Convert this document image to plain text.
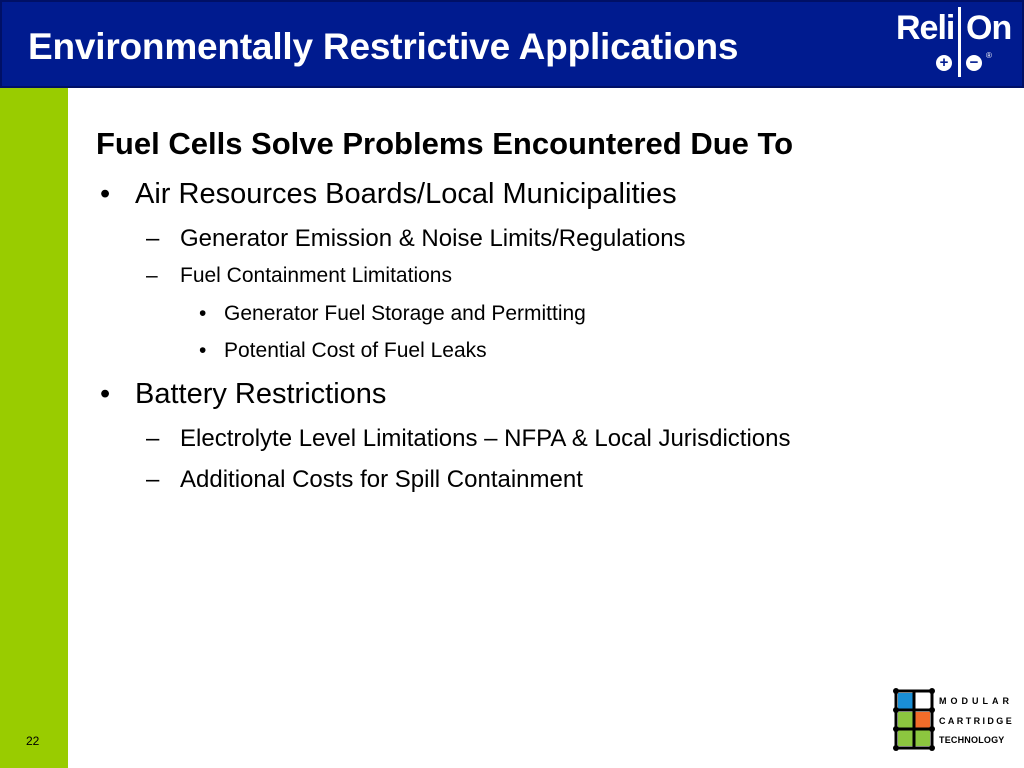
Environmentally Restrictive Applications	Reli On
+ − ®
Fuel Cells Solve Problems Encountered Due To
• Air Resources Boards/Local Municipalities
– Generator Emission & Noise Limits/Regulations
– Fuel Containment Limitations
• Generator Fuel Storage and Permitting
• Potential Cost of Fuel Leaks
• Battery Restrictions
– Electrolyte Level Limitations – NFPA & Local Jurisdictions
– Additional Costs for Spill Containment
22
MODULAR
CARTRIDGE
TECHNOLOGY
